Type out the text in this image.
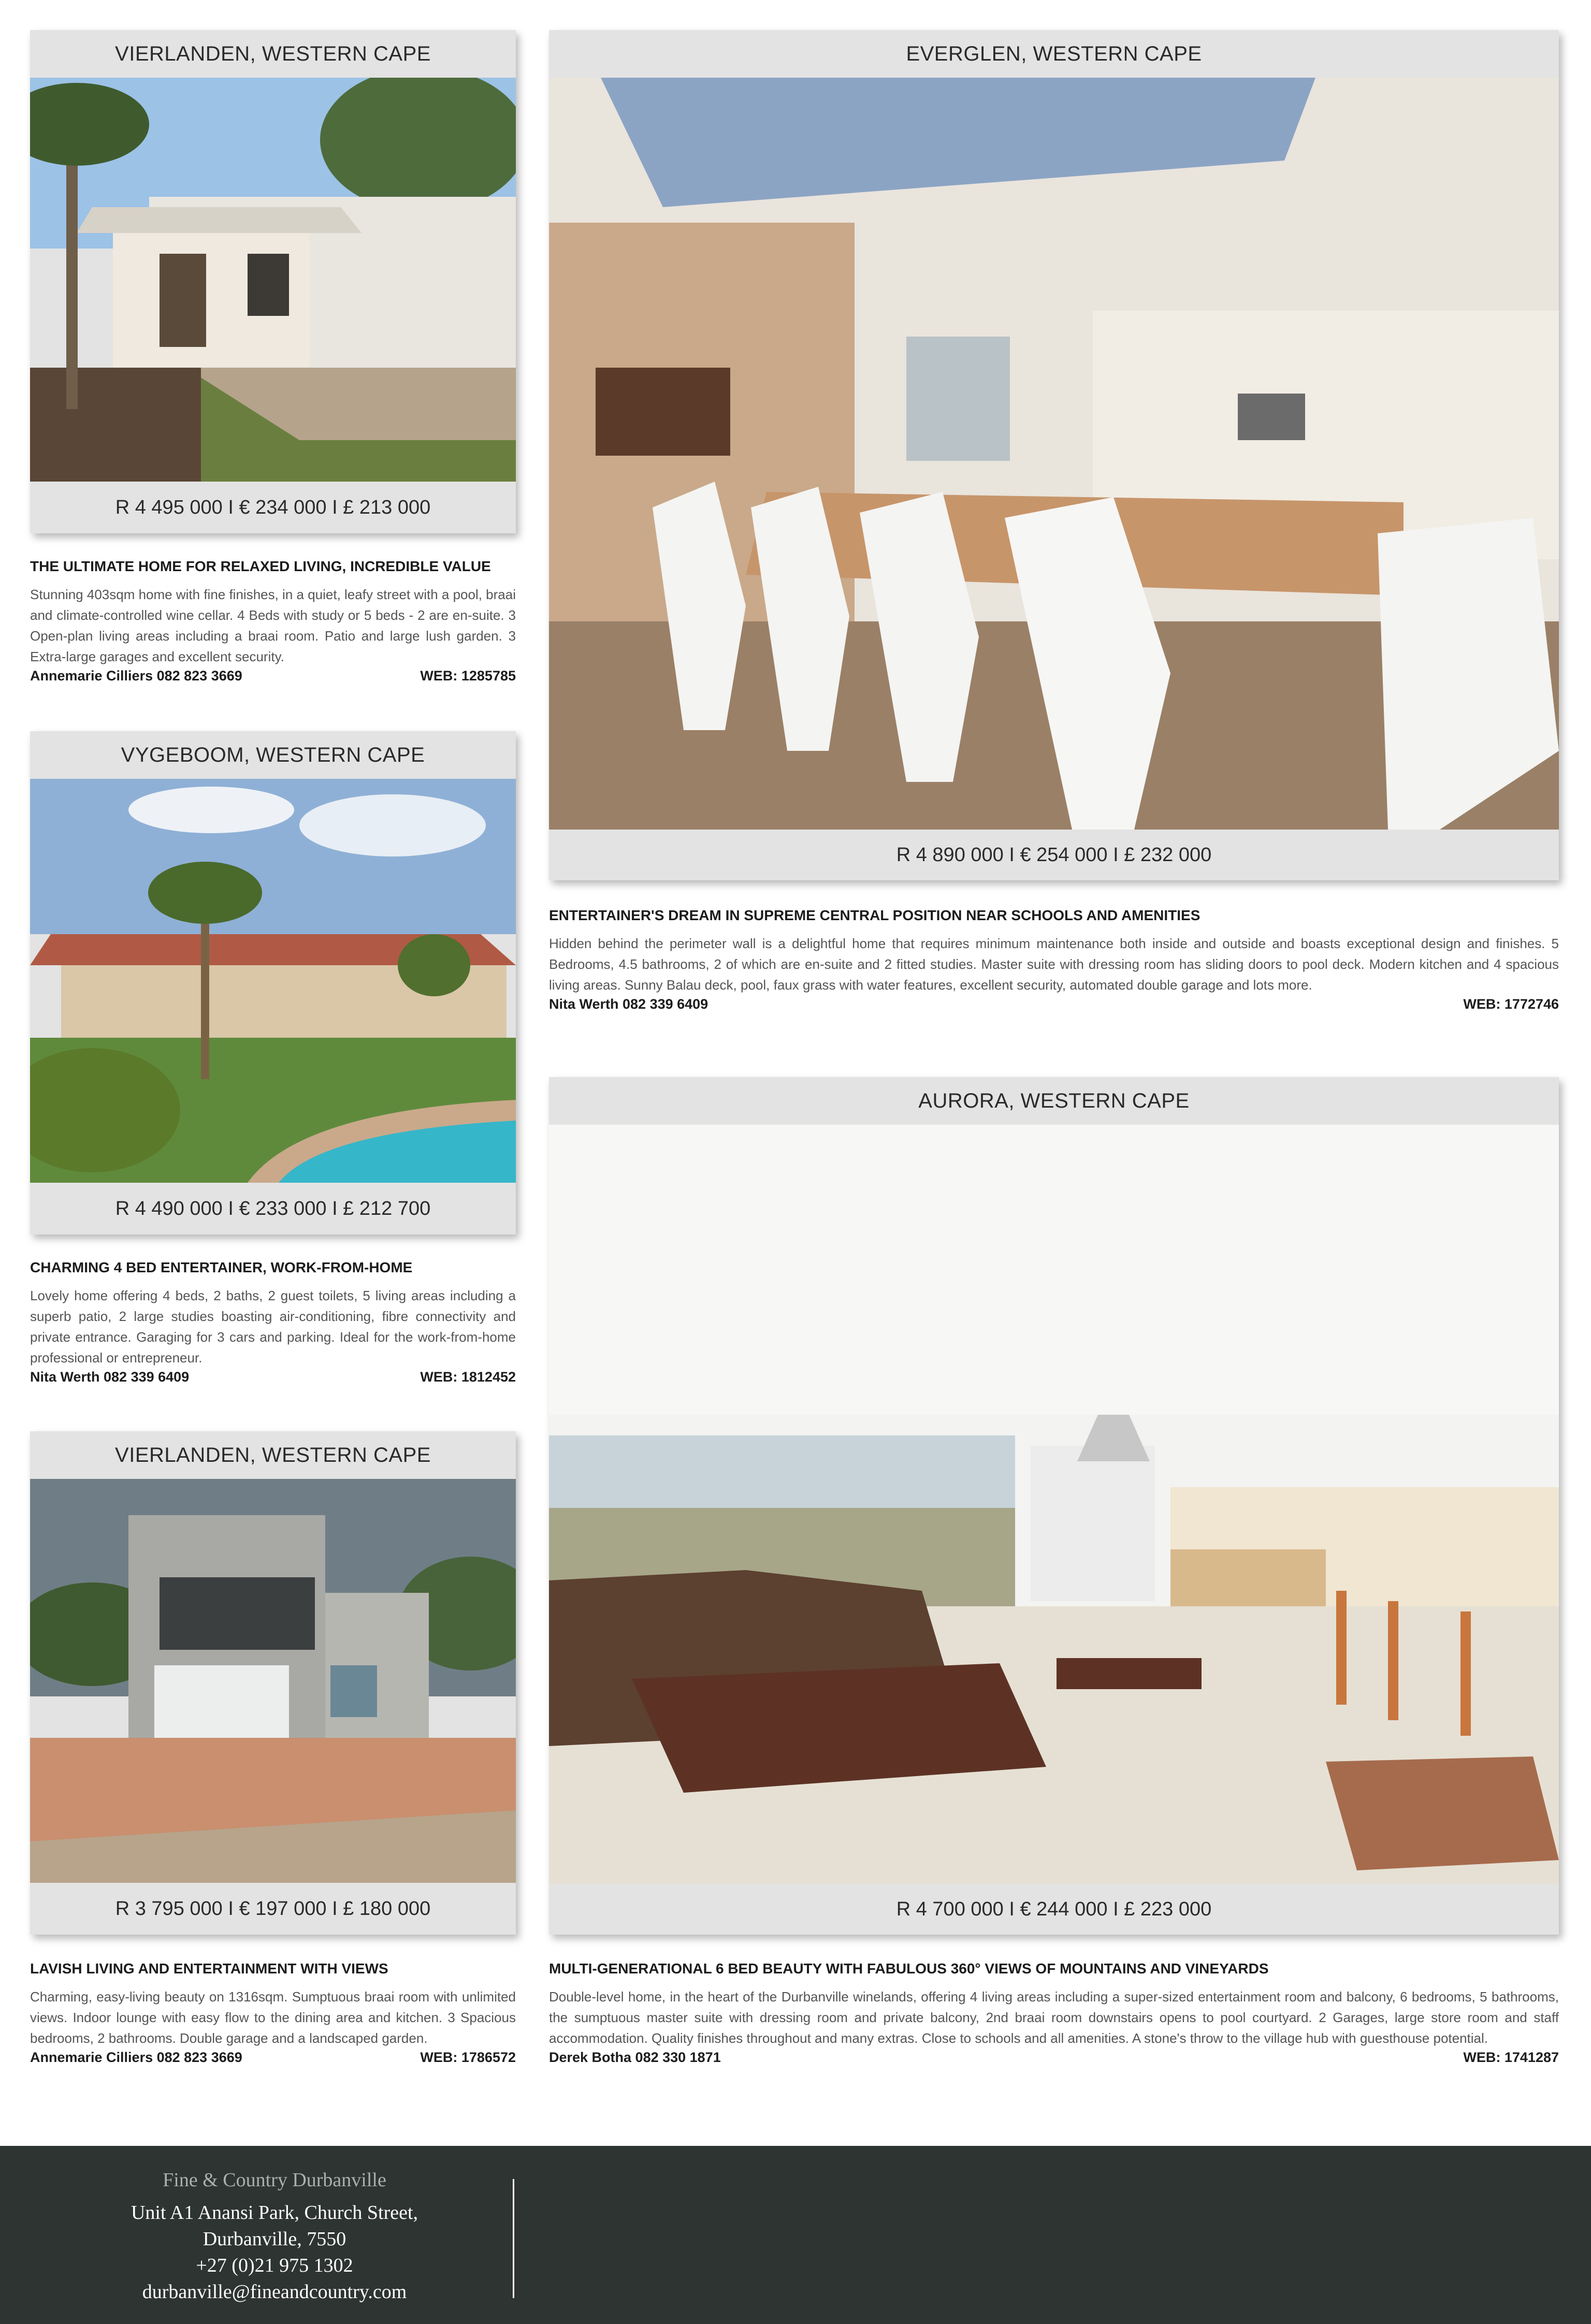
VIERLANDEN, WESTERN CAPE
R 4 495 000 I € 234 000 I £ 213 000
THE ULTIMATE HOME FOR RELAXED LIVING, INCREDIBLE VALUE
Stunning 403sqm home with fine finishes, in a quiet, leafy street with a pool, braai and climate-controlled wine cellar. 4 Beds with study or 5 beds - 2 are en-suite. 3 Open-plan living areas including a braai room. Patio and large lush garden. 3 Extra-large garages and excellent security.
Annemarie Cilliers 082 823 3669	WEB: 1285785
VYGEBOOM, WESTERN CAPE
R 4 490 000 I € 233 000 I £ 212 700
CHARMING 4 BED ENTERTAINER, WORK-FROM-HOME
Lovely home offering 4 beds, 2 baths, 2 guest toilets, 5 living areas including a superb patio, 2 large studies boasting air-conditioning, fibre connectivity and private entrance. Garaging for 3 cars and parking. Ideal for the work-from-home professional or entrepreneur.
Nita Werth 082 339 6409	WEB: 1812452
VIERLANDEN, WESTERN CAPE
R 3 795 000 I € 197 000 I £ 180 000
LAVISH LIVING AND ENTERTAINMENT WITH VIEWS
Charming, easy-living beauty on 1316sqm. Sumptuous braai room with unlimited views. Indoor lounge with easy flow to the dining area and kitchen. 3 Spacious bedrooms, 2 bathrooms. Double garage and a landscaped garden.
Annemarie Cilliers 082 823 3669	WEB: 1786572
EVERGLEN, WESTERN CAPE
R 4 890 000 I € 254 000 I £ 232 000
ENTERTAINER'S DREAM IN SUPREME CENTRAL POSITION NEAR SCHOOLS AND AMENITIES
Hidden behind the perimeter wall is a delightful home that requires minimum maintenance both inside and outside and boasts exceptional design and finishes. 5 Bedrooms, 4.5 bathrooms, 2 of which are en-suite and 2 fitted studies. Master suite with dressing room has sliding doors to pool deck. Modern kitchen and 4 spacious living areas. Sunny Balau deck, pool, faux grass with water features, excellent security, automated double garage and lots more.
Nita Werth 082 339 6409	WEB: 1772746
AURORA, WESTERN CAPE
R 4 700 000 I € 244 000 I £ 223 000
MULTI-GENERATIONAL 6 BED BEAUTY WITH FABULOUS 360° VIEWS OF MOUNTAINS AND VINEYARDS
Double-level home, in the heart of the Durbanville winelands, offering 4 living areas including a super-sized entertainment room and balcony, 6 bedrooms, 5 bathrooms, the sumptuous master suite with dressing room and private balcony, 2nd braai room downstairs opens to pool courtyard. 2 Garages, large store room and staff accommodation. Quality finishes throughout and many extras. Close to schools and all amenities. A stone's throw to the village hub with guesthouse potential.
Derek Botha 082 330 1871	WEB: 1741287
Fine & Country Durbanville
Unit A1 Anansi Park, Church Street,
Durbanville, 7550
+27 (0)21 975 1302
durbanville@fineandcountry.com
